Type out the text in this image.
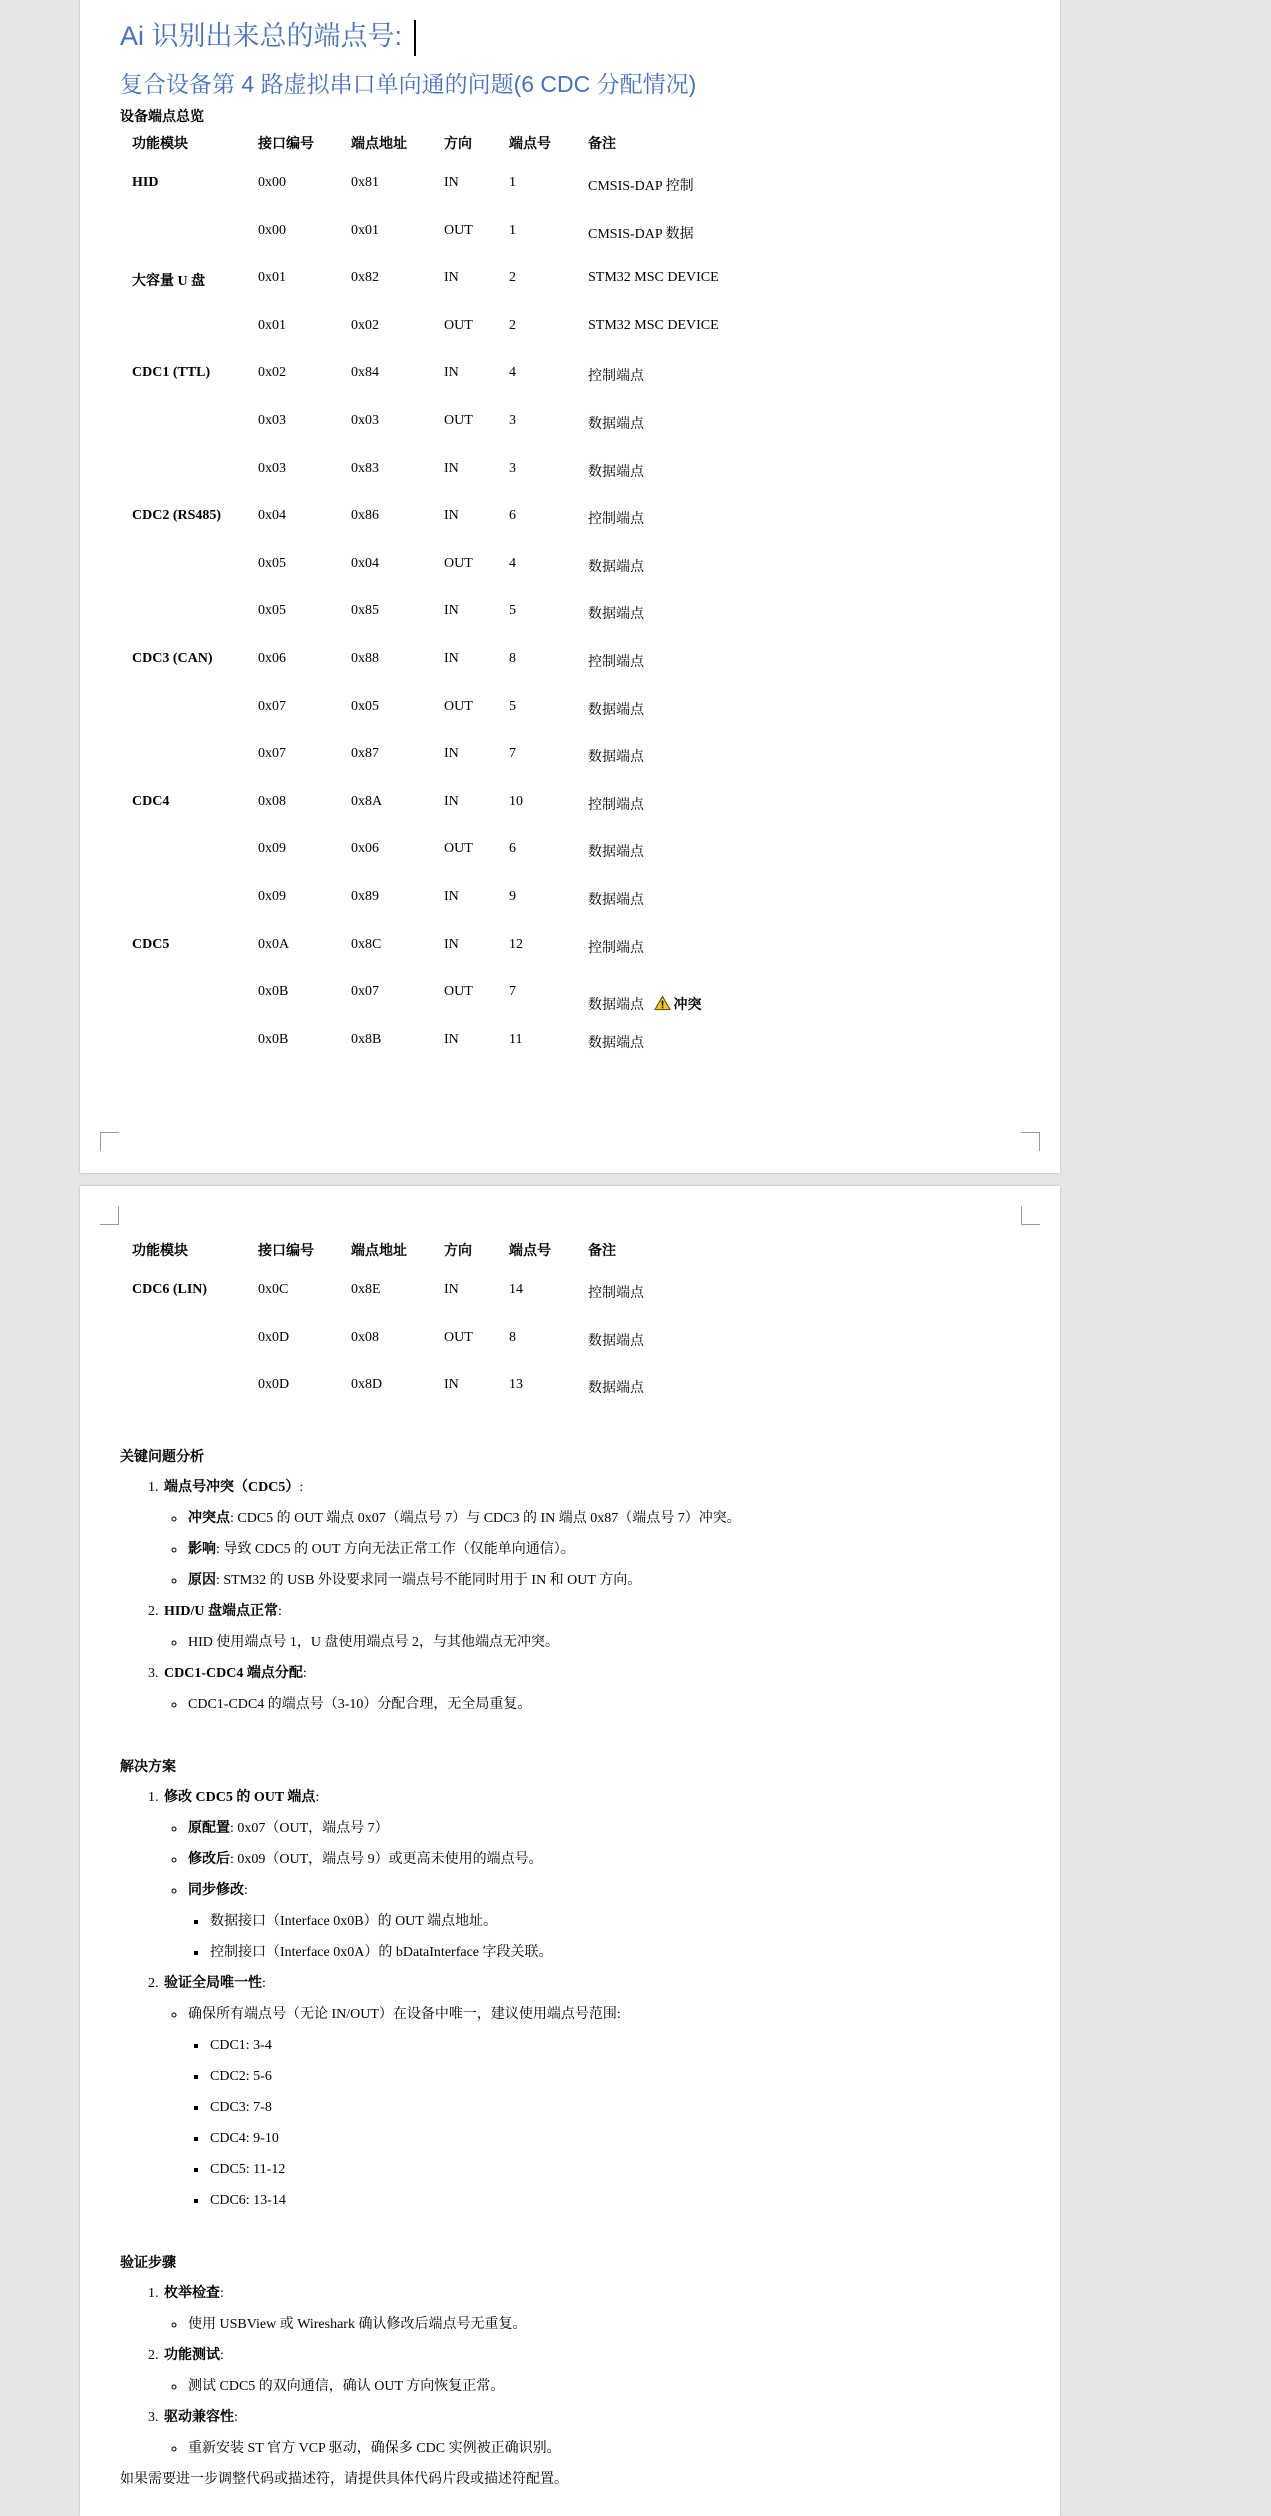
Ai 识别出来总的端点号:
复合设备第 4 路虚拟串口单向通的问题(6 CDC 分配情况)
设备端点总览
功能模块	接口编号	端点地址	方向	端点号	备注
HID	0x00	0x81	IN	1	CMSIS-DAP 控制
	0x00	0x01	OUT	1	CMSIS-DAP 数据
大容量 U 盘	0x01	0x82	IN	2	STM32 MSC DEVICE
	0x01	0x02	OUT	2	STM32 MSC DEVICE
CDC1 (TTL)	0x02	0x84	IN	4	控制端点
	0x03	0x03	OUT	3	数据端点
	0x03	0x83	IN	3	数据端点
CDC2 (RS485)	0x04	0x86	IN	6	控制端点
	0x05	0x04	OUT	4	数据端点
	0x05	0x85	IN	5	数据端点
CDC3 (CAN)	0x06	0x88	IN	8	控制端点
	0x07	0x05	OUT	5	数据端点
	0x07	0x87	IN	7	数据端点
CDC4	0x08	0x8A	IN	10	控制端点
	0x09	0x06	OUT	6	数据端点
	0x09	0x89	IN	9	数据端点
CDC5	0x0A	0x8C	IN	12	控制端点
	0x0B	0x07	OUT	7	数据端点 冲突
	0x0B	0x8B	IN	11	数据端点
功能模块	接口编号	端点地址	方向	端点号	备注
CDC6 (LIN)	0x0C	0x8E	IN	14	控制端点
	0x0D	0x08	OUT	8	数据端点
	0x0D	0x8D	IN	13	数据端点
关键问题分析
1. 端点号冲突（CDC5）:
◦ 冲突点: CDC5 的 OUT 端点 0x07（端点号 7）与 CDC3 的 IN 端点 0x87（端点号 7）冲突。
◦ 影响: 导致 CDC5 的 OUT 方向无法正常工作（仅能单向通信）。
◦ 原因: STM32 的 USB 外设要求同一端点号不能同时用于 IN 和 OUT 方向。
2. HID/U 盘端点正常:
◦ HID 使用端点号 1，U 盘使用端点号 2，与其他端点无冲突。
3. CDC1-CDC4 端点分配:
◦ CDC1-CDC4 的端点号（3-10）分配合理，无全局重复。
解决方案
1. 修改 CDC5 的 OUT 端点:
◦ 原配置: 0x07（OUT，端点号 7）
◦ 修改后: 0x09（OUT，端点号 9）或更高未使用的端点号。
◦ 同步修改:
▪ 数据接口（Interface 0x0B）的 OUT 端点地址。
▪ 控制接口（Interface 0x0A）的 bDataInterface 字段关联。
2. 验证全局唯一性:
◦ 确保所有端点号（无论 IN/OUT）在设备中唯一，建议使用端点号范围:
▪ CDC1: 3-4
▪ CDC2: 5-6
▪ CDC3: 7-8
▪ CDC4: 9-10
▪ CDC5: 11-12
▪ CDC6: 13-14
验证步骤
1. 枚举检查:
◦ 使用 USBView 或 Wireshark 确认修改后端点号无重复。
2. 功能测试:
◦ 测试 CDC5 的双向通信，确认 OUT 方向恢复正常。
3. 驱动兼容性:
◦ 重新安装 ST 官方 VCP 驱动，确保多 CDC 实例被正确识别。
如果需要进一步调整代码或描述符，请提供具体代码片段或描述符配置。
